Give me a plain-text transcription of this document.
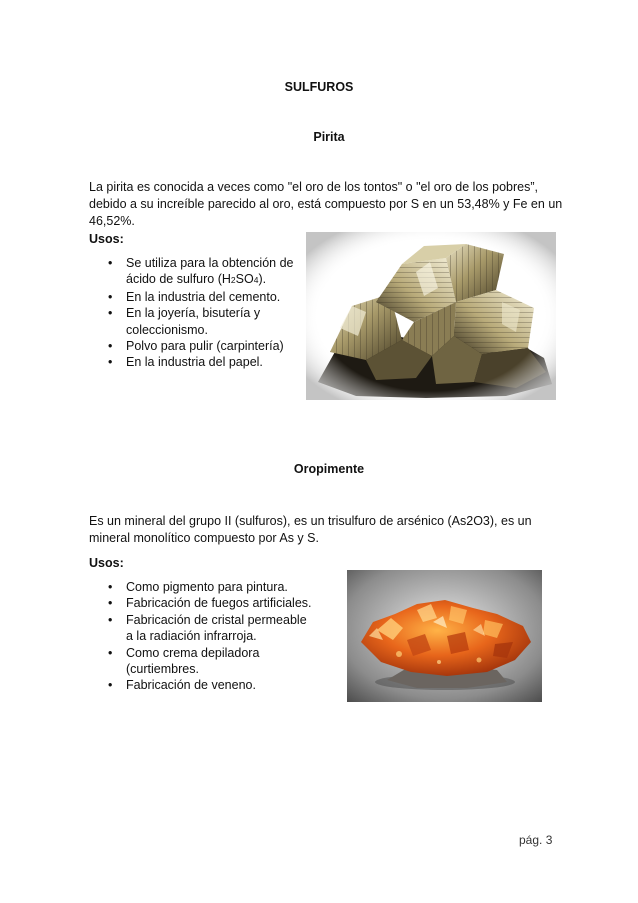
SULFUROS
Pirita
La pirita es conocida a veces como "el oro de los tontos" o "el oro de los pobres”, debido a su increíble parecido al oro, está compuesto por S en un 53,48% y Fe en un 46,52%.
Usos:
• Se utiliza para la obtención de ácido de sulfuro (H2SO4).
• En la industria del cemento.
• En la joyería, bisutería y coleccionismo.
• Polvo para pulir (carpintería)
• En la industria del papel.
Oropimente
Es un mineral del grupo II (sulfuros), es un trisulfuro de arsénico (As2O3), es un mineral monolítico compuesto por As y S.
Usos:
• Como pigmento para pintura.
• Fabricación de fuegos artificiales.
• Fabricación de cristal permeable a la radiación infrarroja.
• Como crema depiladora (curtiembres.
• Fabricación de veneno.
pág. 3
